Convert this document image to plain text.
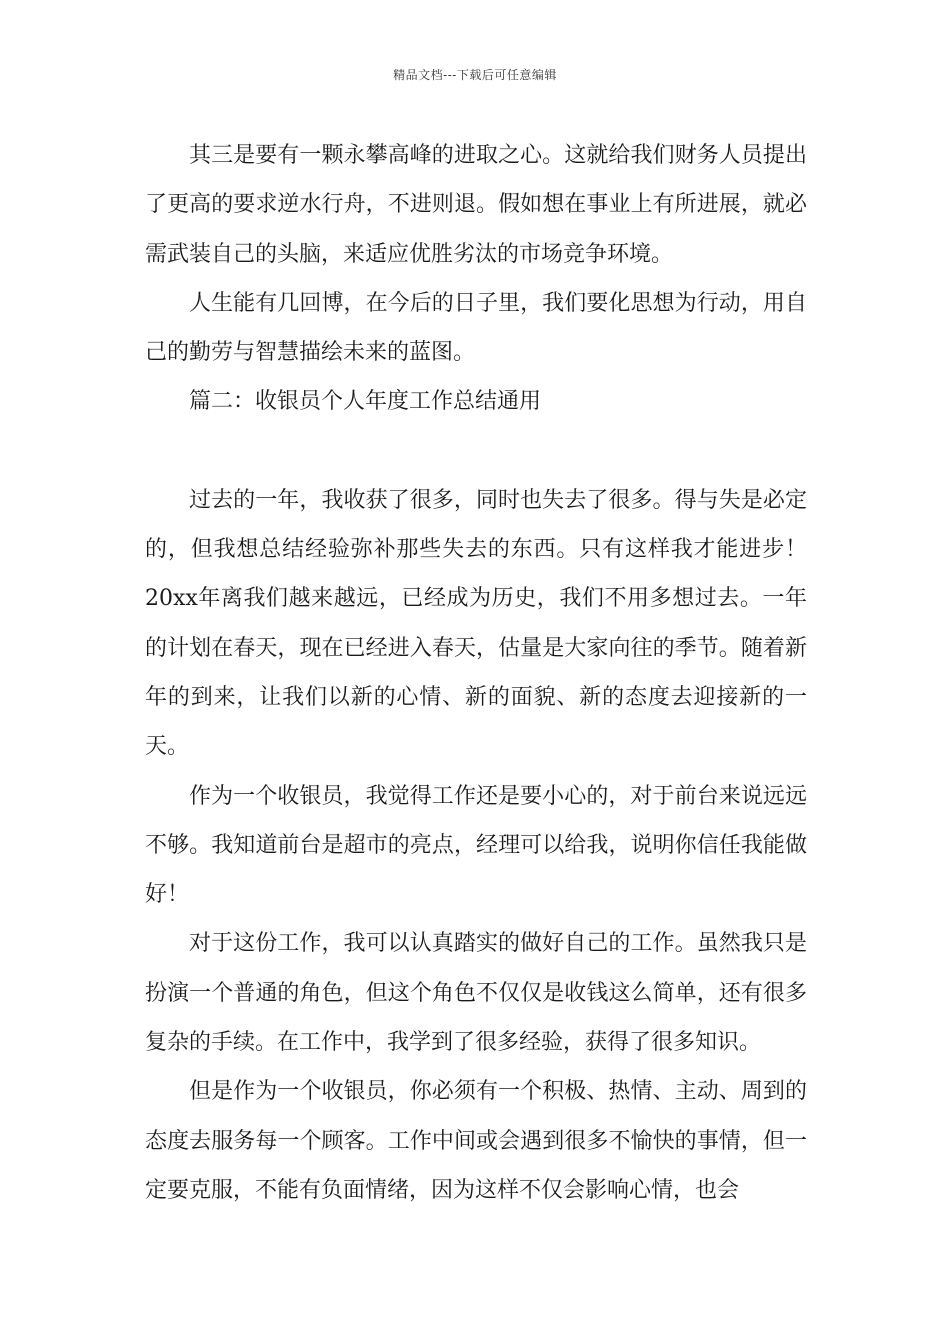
精品文档---下载后可任意编辑

其三是要有一颗永攀高峰的进取之心。这就给我们财务人员提出了更高的要求逆水行舟，不进则退。假如想在事业上有所进展，就必需武装自己的头脑，来适应优胜劣汰的市场竞争环境。

人生能有几回博，在今后的日子里，我们要化思想为行动，用自己的勤劳与智慧描绘未来的蓝图。

篇二：收银员个人年度工作总结通用

过去的一年，我收获了很多，同时也失去了很多。得与失是必定的，但我想总结经验弥补那些失去的东西。只有这样我才能进步！20xx年离我们越来越远，已经成为历史，我们不用多想过去。一年的计划在春天，现在已经进入春天，估量是大家向往的季节。随着新年的到来，让我们以新的心情、新的面貌、新的态度去迎接新的一天。

作为一个收银员，我觉得工作还是要小心的，对于前台来说远远不够。我知道前台是超市的亮点，经理可以给我，说明你信任我能做好！

对于这份工作，我可以认真踏实的做好自己的工作。虽然我只是扮演一个普通的角色，但这个角色不仅仅是收钱这么简单，还有很多复杂的手续。在工作中，我学到了很多经验，获得了很多知识。

但是作为一个收银员，你必须有一个积极、热情、主动、周到的态度去服务每一个顾客。工作中间或会遇到很多不愉快的事情，但一定要克服，不能有负面情绪，因为这样不仅会影响心情，也会
